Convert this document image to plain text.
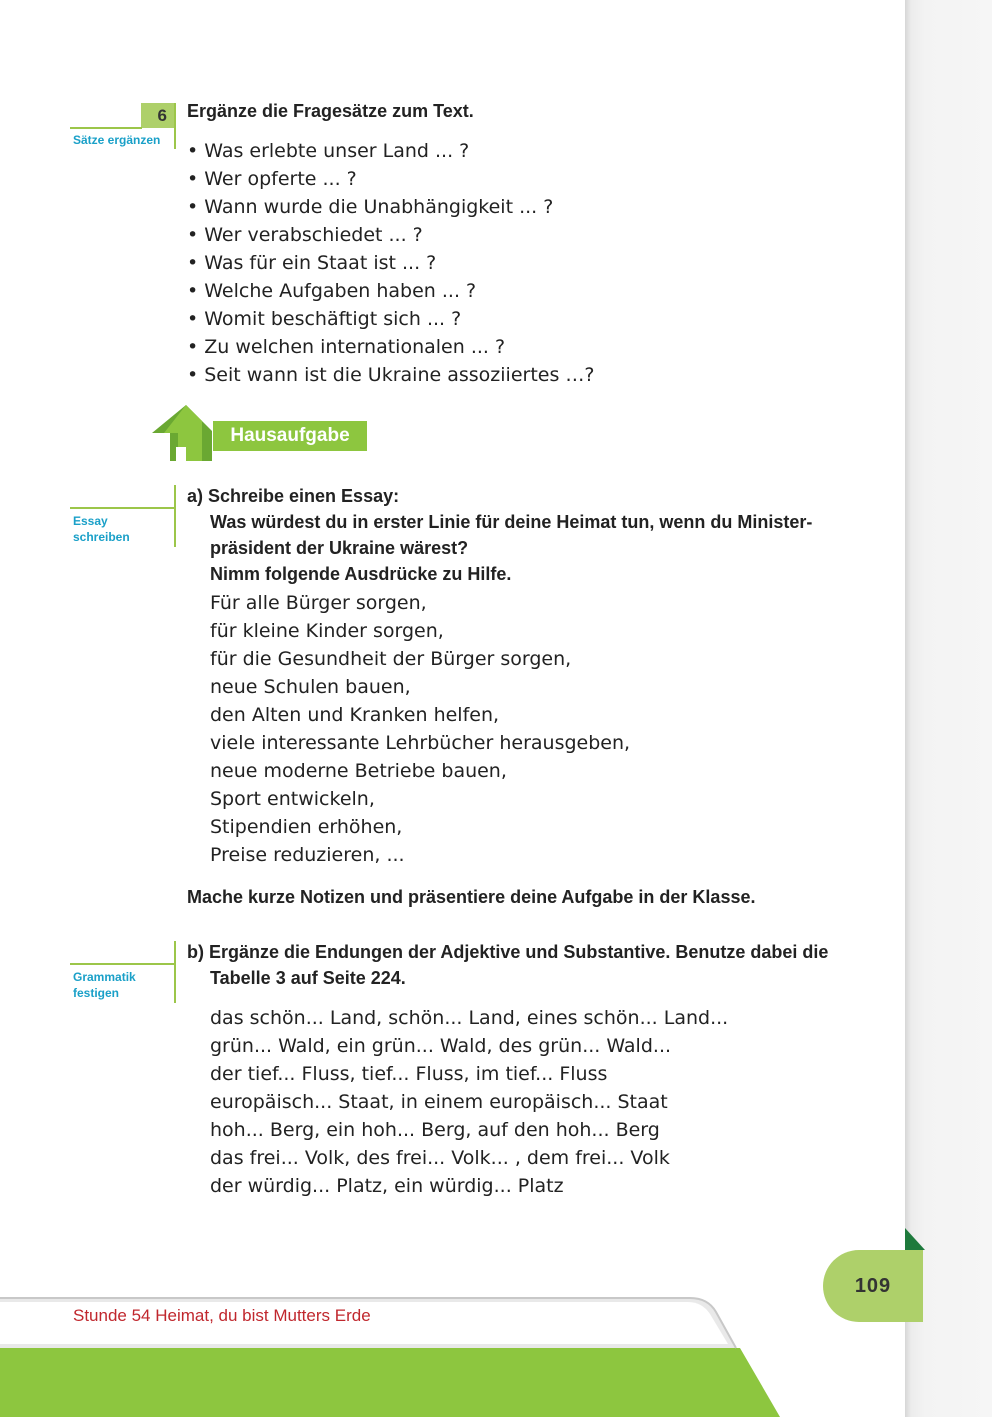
6
Sätze ergänzen
Ergänze die Fragesätze zum Text.
• Was erlebte unser Land ... ?
• Wer opferte ... ?
• Wann wurde die Unabhängigkeit ... ?
• Wer verabschiedet ... ?
• Was für ein Staat ist ... ?
• Welche Aufgaben haben ... ?
• Womit beschäftigt sich ... ?
• Zu welchen internationalen ... ?
• Seit wann ist die Ukraine assoziiertes …?
Hausaufgabe
Essay
schreiben
a) Schreibe einen Essay:
Was würdest du in erster Linie für deine Heimat tun, wenn du Minister-
präsident der Ukraine wärest?
Nimm folgende Ausdrücke zu Hilfe.
Für alle Bürger sorgen,
für kleine Kinder sorgen,
für die Gesundheit der Bürger sorgen,
neue Schulen bauen,
den Alten und Kranken helfen,
viele interessante Lehrbücher herausgeben,
neue moderne Betriebe bauen,
Sport entwickeln,
Stipendien erhöhen,
Preise reduzieren, ...
Mache kurze Notizen und präsentiere deine Aufgabe in der Klasse.
Grammatik
festigen
b) Ergänze die Endungen der Adjektive und Substantive. Benutze dabei die
Tabelle 3 auf Seite 224.
das schön... Land, schön... Land, eines schön... Land...
grün... Wald, ein grün... Wald, des grün... Wald...
der tief... Fluss, tief... Fluss, im tief... Fluss
europäisch... Staat, in einem europäisch... Staat
hoh... Berg, ein hoh... Berg, auf den hoh... Berg
das frei... Volk, des frei... Volk... , dem frei... Volk
der würdig... Platz, ein würdig... Platz
109
Stunde 54 Heimat, du bist Mutters Erde
